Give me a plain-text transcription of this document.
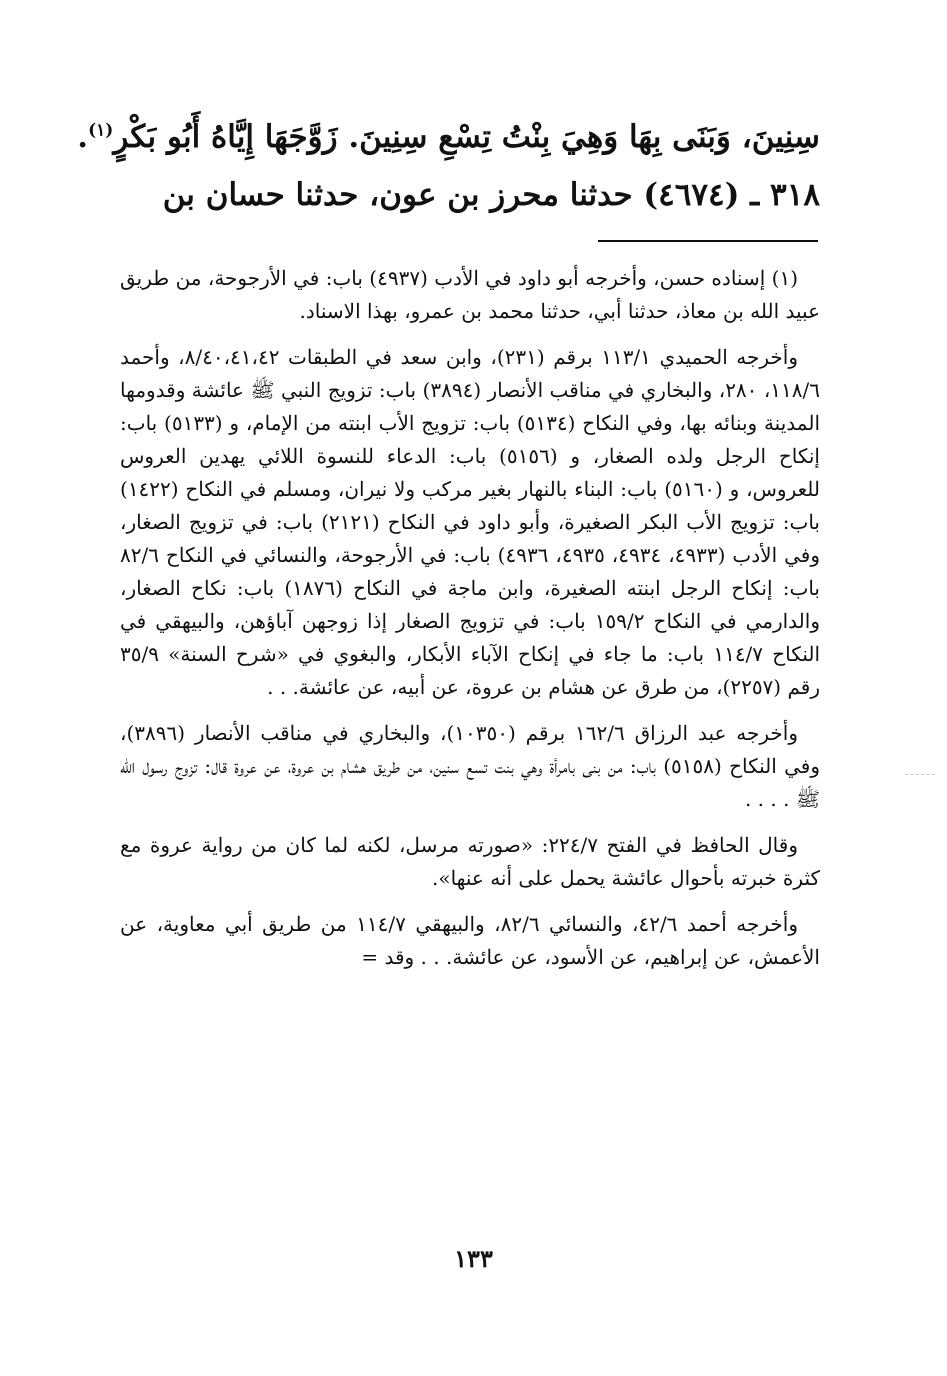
سِنِينَ، وَبَنَى بِهَا وَهِيَ بِنْتُ تِسْعِ سِنِينَ. زَوَّجَهَا إِيَّاهُ أَبُو بَكْرٍ$^{(١)}$.
٣١٨ ـ (٤٦٧٤) حدثنا محرز بن عون، حدثنا حسان بن

(١) إسناده حسن، وأخرجه أبو داود في الأدب (٤٩٣٧) باب: في الأرجوحة، من طريق عبيد الله بن معاذ، حدثنا أبي، حدثنا محمد بن عمرو، بهذا الاسناد.

وأخرجه الحميدي ١١٣/١ برقم (٢٣١)، وابن سعد في الطبقات ٨/٤٠،٤١،٤٢، وأحمد ١١٨/٦، ٢٨٠، والبخاري في مناقب الأنصار (٣٨٩٤) باب: تزويج النبي ﷺ عائشة وقدومها المدينة وبنائه بها، وفي النكاح (٥١٣٤) باب: تزويج الأب ابنته من الإمام، و (٥١٣٣) باب: إنكاح الرجل ولده الصغار، و (٥١٥٦) باب: الدعاء للنسوة اللائي يهدين العروس للعروس، و (٥١٦٠) باب: البناء بالنهار بغير مركب ولا نيران، ومسلم في النكاح (١٤٢٢) باب: تزويج الأب البكر الصغيرة، وأبو داود في النكاح (٢١٢١) باب: في تزويج الصغار، وفي الأدب (٤٩٣٣، ٤٩٣٤، ٤٩٣٥، ٤٩٣٦) باب: في الأرجوحة، والنسائي في النكاح ٨٢/٦ باب: إنكاح الرجل ابنته الصغيرة، وابن ماجة في النكاح (١٨٧٦) باب: نكاح الصغار، والدارمي في النكاح ١٥٩/٢ باب: في تزويج الصغار إذا زوجهن آباؤهن، والبيهقي في النكاح ١١٤/٧ باب: ما جاء في إنكاح الآباء الأبكار، والبغوي في «شرح السنة» ٣٥/٩ رقم (٢٢٥٧)، من طرق عن هشام بن عروة، عن أبيه، عن عائشة. . .

وأخرجه عبد الرزاق ١٦٢/٦ برقم (١٠٣٥٠)، والبخاري في مناقب الأنصار (٣٨٩٦)، وفي النكاح (٥١٥٨) باب: من بنى بامرأة وهي بنت تسع سنين، من طريق هشام بن عروة، عن عروة قال: تزوج رسول الله ﷺ . . . .

وقال الحافظ في الفتح ٢٢٤/٧: «صورته مرسل، لكنه لما كان من رواية عروة مع كثرة خبرته بأحوال عائشة يحمل على أنه عنها».

وأخرجه أحمد ٤٢/٦، والنسائي ٨٢/٦، والبيهقي ١١٤/٧ من طريق أبي معاوية، عن الأعمش، عن إبراهيم، عن الأسود، عن عائشة. . . وقد =

١٣٣
